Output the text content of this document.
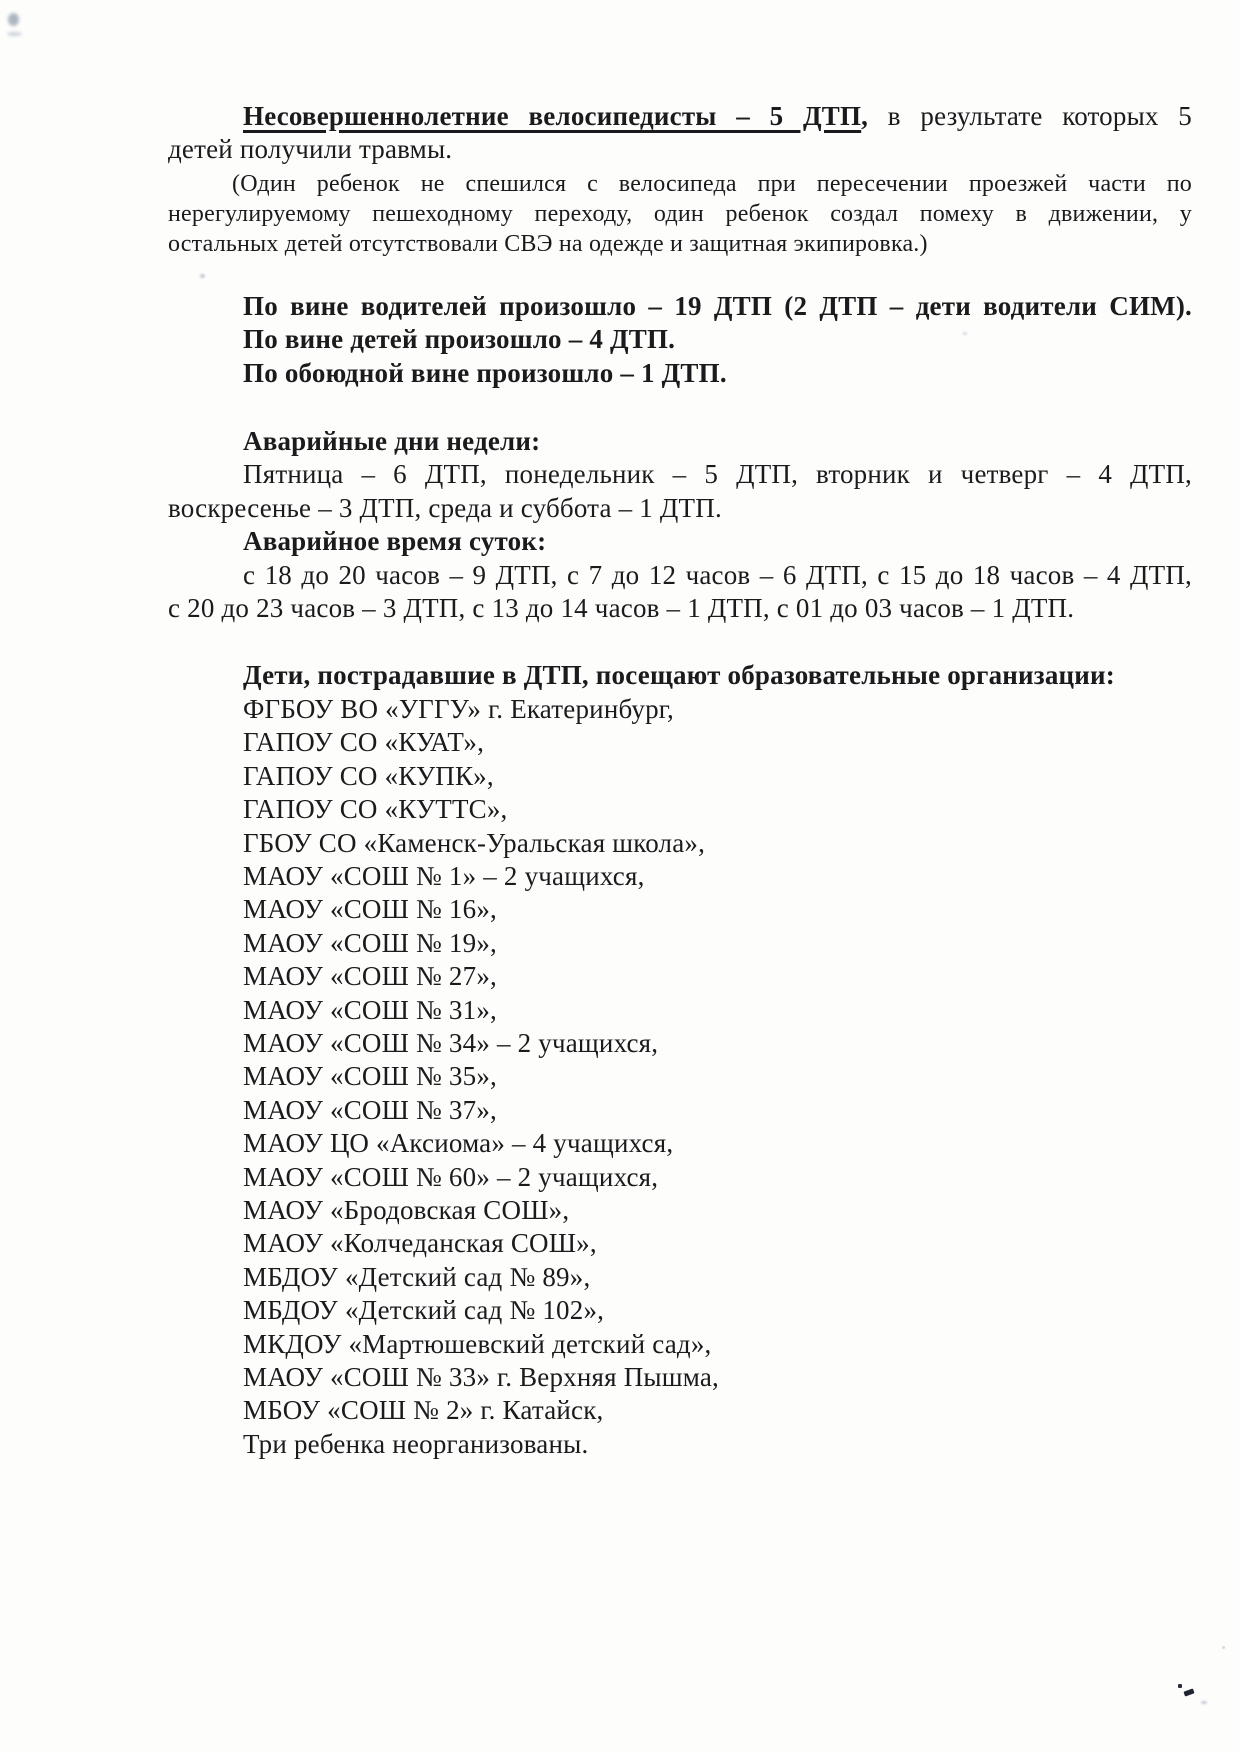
Несовершеннолетние велосипедисты – 5 ДТП, в результате которых 5
детей получили травмы.
(Один ребенок не спешился с велосипеда при пересечении проезжей части по
нерегулируемому пешеходному переходу, один ребенок создал помеху в движении, у
остальных детей отсутствовали СВЭ на одежде и защитная экипировка.)
По вине водителей произошло – 19 ДТП (2 ДТП – дети водители СИМ).
По вине детей произошло – 4 ДТП.
По обоюдной вине произошло – 1 ДТП.
Аварийные дни недели:
Пятница – 6 ДТП, понедельник – 5 ДТП, вторник и четверг – 4 ДТП,
воскресенье – 3 ДТП, среда и суббота – 1 ДТП.
Аварийное время суток:
с 18 до 20 часов – 9 ДТП, с 7 до 12 часов – 6 ДТП, с 15 до 18 часов – 4 ДТП,
с 20 до 23 часов – 3 ДТП, с 13 до 14 часов – 1 ДТП, с 01 до 03 часов – 1 ДТП.
Дети, пострадавшие в ДТП, посещают образовательные организации:
ФГБОУ ВО «УГГУ» г. Екатеринбург,
ГАПОУ СО «КУАТ»,
ГАПОУ СО «КУПК»,
ГАПОУ СО «КУТТС»,
ГБОУ СО «Каменск-Уральская школа»,
МАОУ «СОШ № 1» – 2 учащихся,
МАОУ «СОШ № 16»,
МАОУ «СОШ № 19»,
МАОУ «СОШ № 27»,
МАОУ «СОШ № 31»,
МАОУ «СОШ № 34» – 2 учащихся,
МАОУ «СОШ № 35»,
МАОУ «СОШ № 37»,
МАОУ ЦО «Аксиома» – 4 учащихся,
МАОУ «СОШ № 60» – 2 учащихся,
МАОУ «Бродовская СОШ»,
МАОУ «Колчеданская СОШ»,
МБДОУ «Детский сад № 89»,
МБДОУ «Детский сад № 102»,
МКДОУ «Мартюшевский детский сад»,
МАОУ «СОШ № 33» г. Верхняя Пышма,
МБОУ «СОШ № 2» г. Катайск,
Три ребенка неорганизованы.
